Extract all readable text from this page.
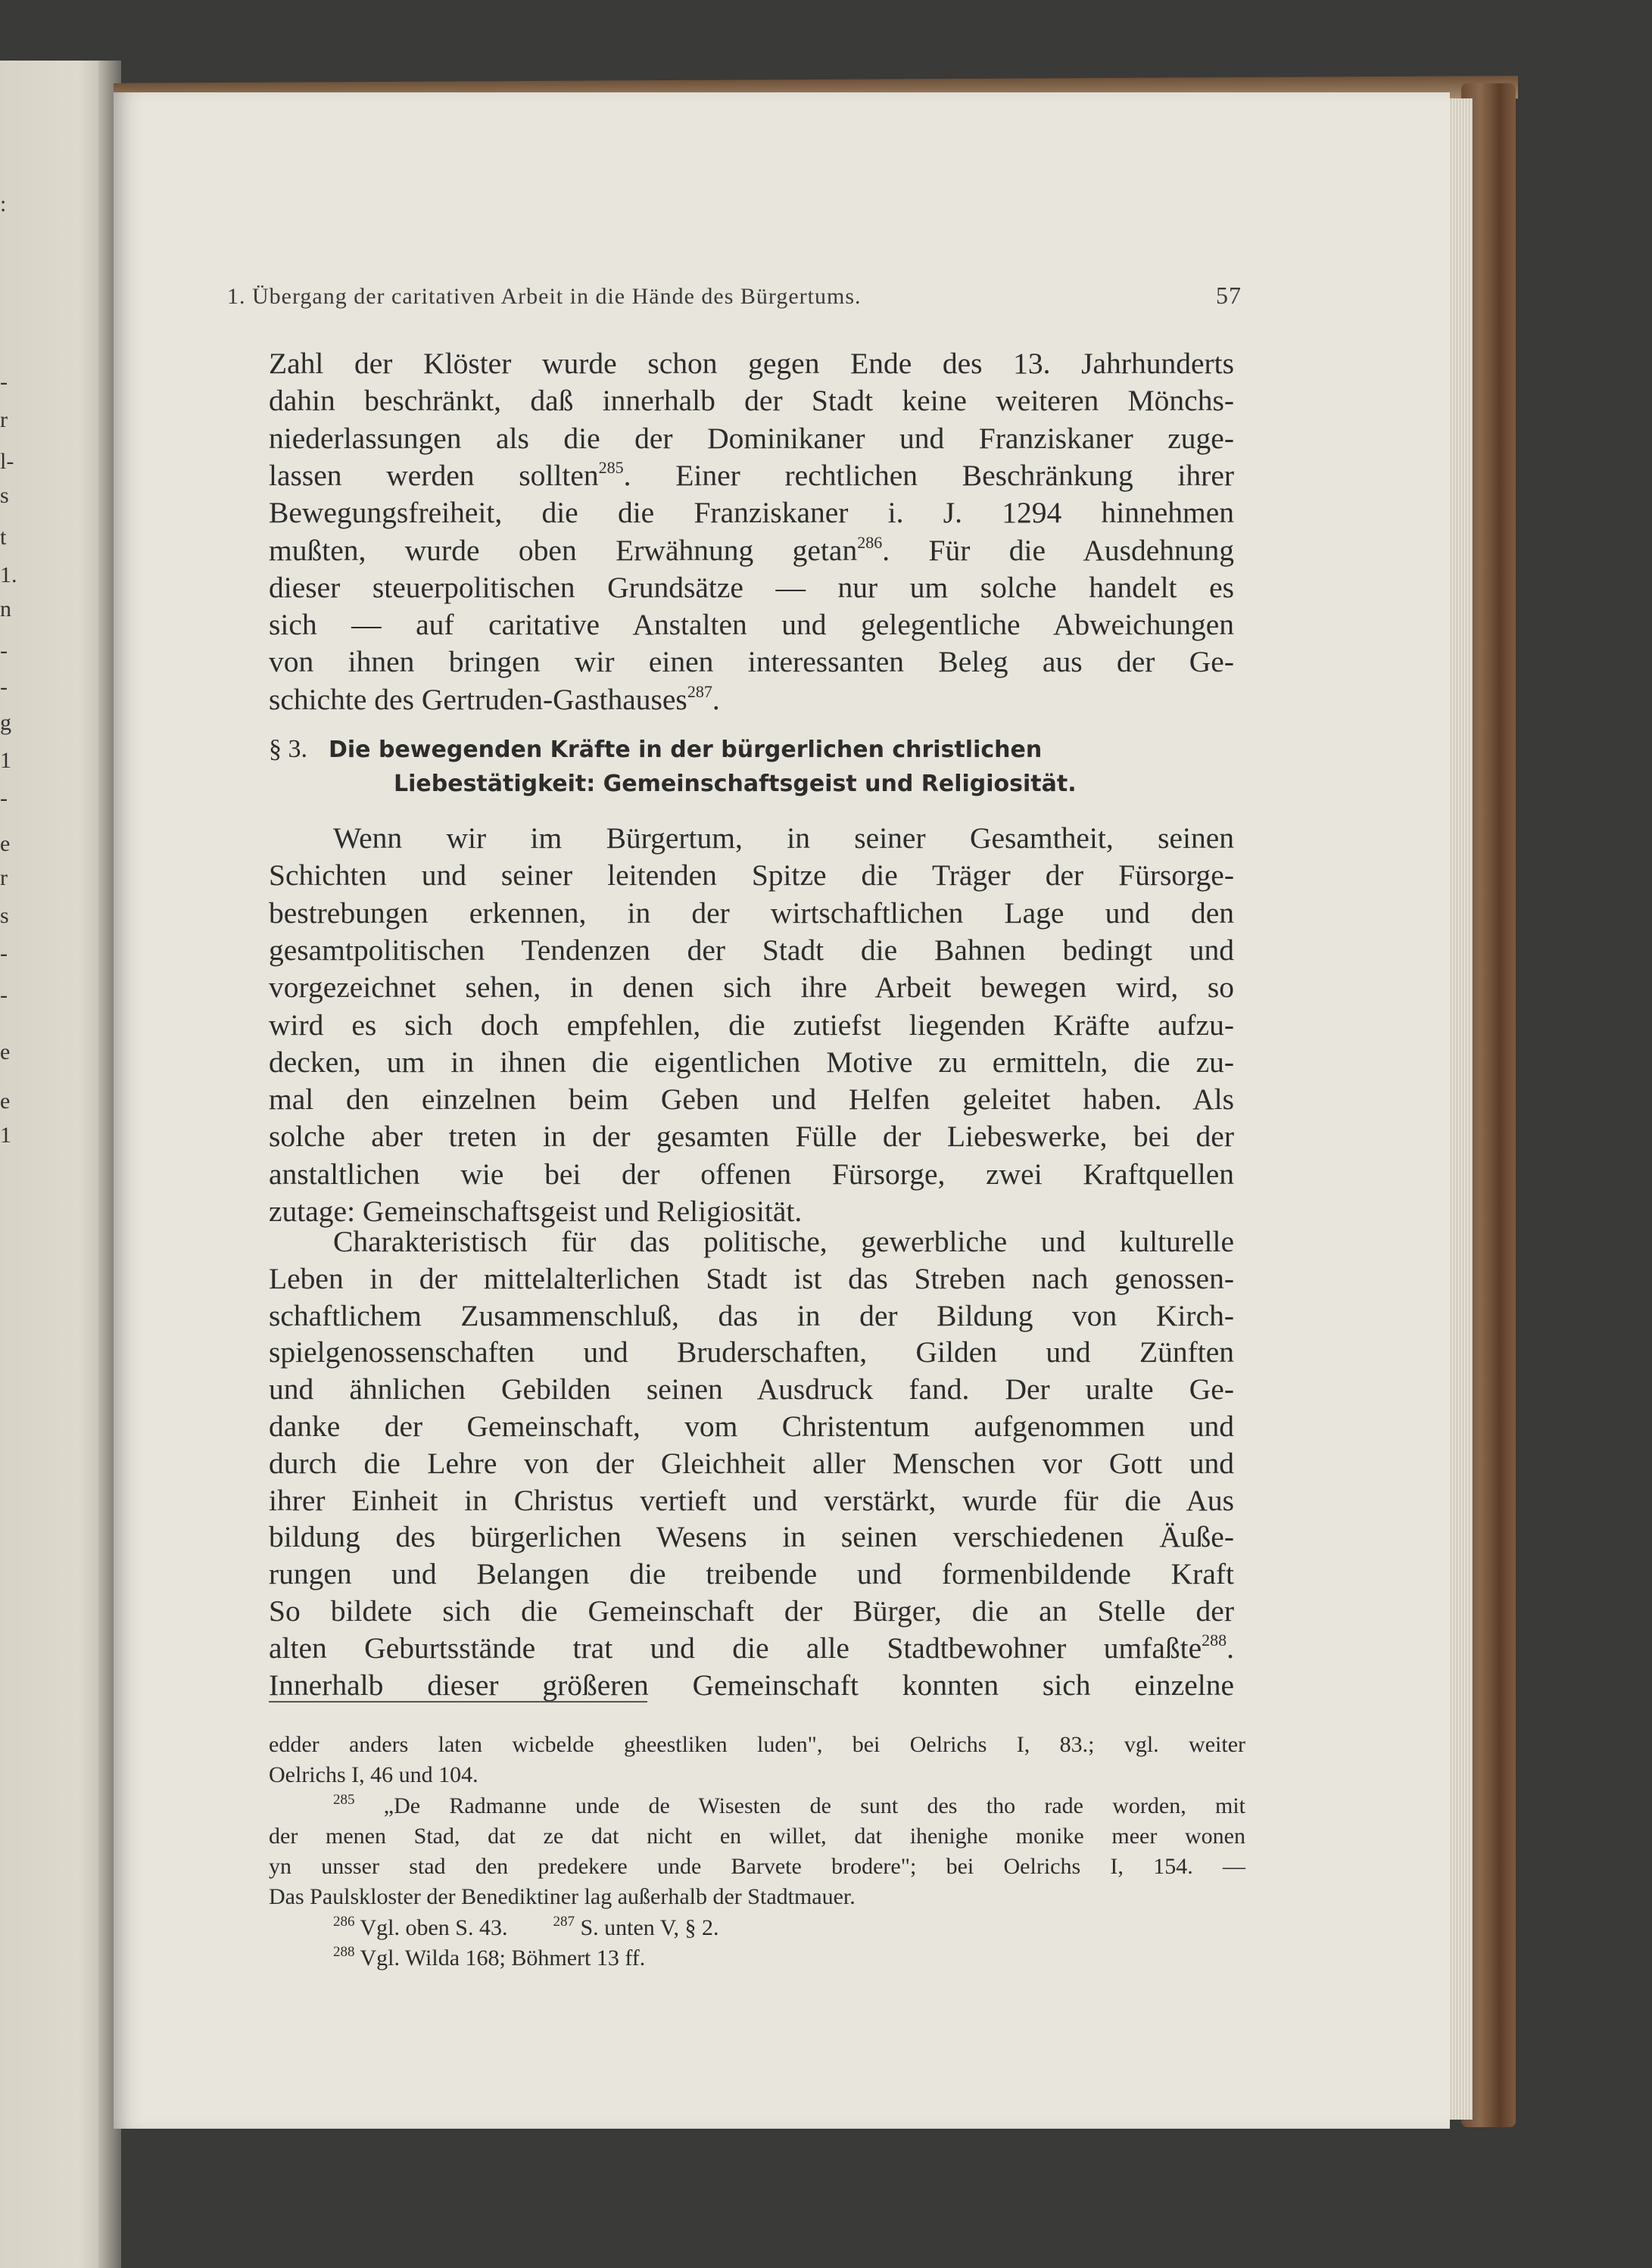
:
-
r
l-
s
t
1.
n
-
-
g
1
-
e
r
s
-
-
e
e
1
1. Übergang der caritativen Arbeit in die Hände des Bürgertums.	57
Zahl der Klöster wurde schon gegen Ende des 13. Jahrhunderts
dahin beschränkt, daß innerhalb der Stadt keine weiteren Mönchs-
niederlassungen als die der Dominikaner und Franziskaner zuge-
lassen werden sollten$^{285}$. Einer rechtlichen Beschränkung ihrer
Bewegungsfreiheit, die die Franziskaner i. J. 1294 hinnehmen
mußten, wurde oben Erwähnung getan$^{286}$. Für die Ausdehnung
dieser steuerpolitischen Grundsätze — nur um solche handelt es
sich — auf caritative Anstalten und gelegentliche Abweichungen
von ihnen bringen wir einen interessanten Beleg aus der Ge-
schichte des Gertruden-Gasthauses$^{287}$.
Wenn wir im Bürgertum, in seiner Gesamtheit, seinen
Schichten und seiner leitenden Spitze die Träger der Fürsorge-
bestrebungen erkennen, in der wirtschaftlichen Lage und den
gesamtpolitischen Tendenzen der Stadt die Bahnen bedingt und
vorgezeichnet sehen, in denen sich ihre Arbeit bewegen wird, so
wird es sich doch empfehlen, die zutiefst liegenden Kräfte aufzu-
decken, um in ihnen die eigentlichen Motive zu ermitteln, die zu-
mal den einzelnen beim Geben und Helfen geleitet haben. Als
solche aber treten in der gesamten Fülle der Liebeswerke, bei der
anstaltlichen wie bei der offenen Fürsorge, zwei Kraftquellen
zutage: Gemeinschaftsgeist und Religiosität.
Charakteristisch für das politische, gewerbliche und kulturelle
Leben in der mittelalterlichen Stadt ist das Streben nach genossen-
schaftlichem Zusammenschluß, das in der Bildung von Kirch-
spielgenossenschaften und Bruderschaften, Gilden und Zünften
und ähnlichen Gebilden seinen Ausdruck fand. Der uralte Ge-
danke der Gemeinschaft, vom Christentum aufgenommen und
durch die Lehre von der Gleichheit aller Menschen vor Gott und
ihrer Einheit in Christus vertieft und verstärkt, wurde für die Aus
bildung des bürgerlichen Wesens in seinen verschiedenen Äuße-
rungen und Belangen die treibende und formenbildende Kraft
So bildete sich die Gemeinschaft der Bürger, die an Stelle der
alten Geburtsstände trat und die alle Stadtbewohner umfaßte$^{288}$.
Innerhalb dieser größeren Gemeinschaft konnten sich einzelne
§ 3. Die bewegenden Kräfte in der bürgerlichen christlichen
Liebestätigkeit: Gemeinschaftsgeist und Religiosität.
edder anders laten wicbelde gheestliken luden", bei Oelrichs I, 83.; vgl. weiter
Oelrichs I, 46 und 104.
$^{285}$ „De Radmanne unde de Wisesten de sunt des tho rade worden, mit
der menen Stad, dat ze dat nicht en willet, dat ihenighe monike meer wonen
yn unsser stad den predekere unde Barvete brodere"; bei Oelrichs I, 154. —
Das Paulskloster der Benediktiner lag außerhalb der Stadtmauer.
$^{286}$ Vgl. oben S. 43.  	$^{287}$ S. unten V, § 2.
$^{288}$ Vgl. Wilda 168; Böhmert 13 ff.
